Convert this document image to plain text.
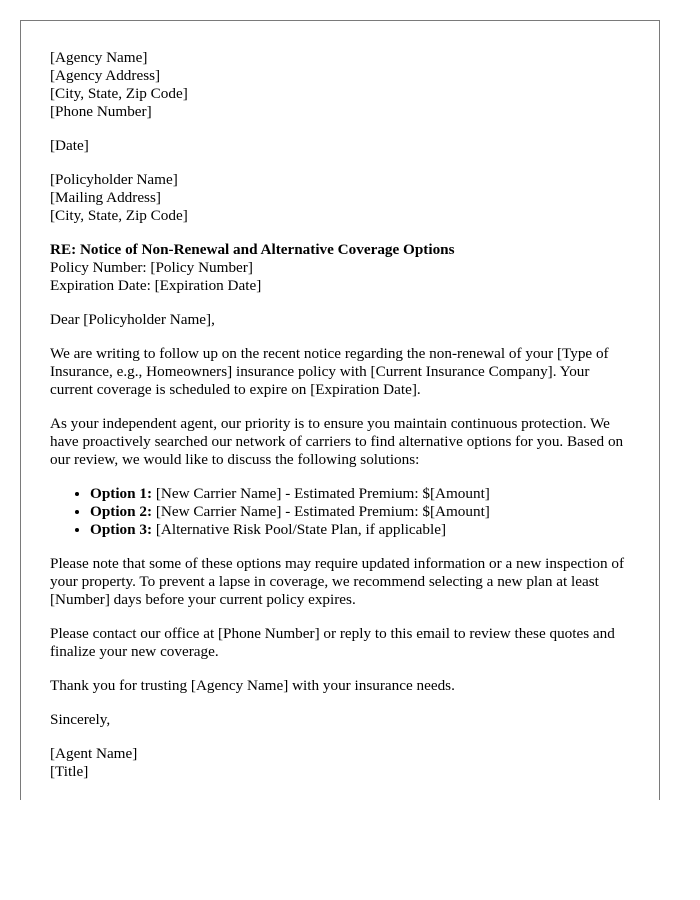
[Agency Name]
[Agency Address]
[City, State, Zip Code]
[Phone Number]
[Date]
[Policyholder Name]
[Mailing Address]
[City, State, Zip Code]
RE: Notice of Non-Renewal and Alternative Coverage Options
Policy Number: [Policy Number]
Expiration Date: [Expiration Date]

Dear [Policyholder Name],

We are writing to follow up on the recent notice regarding the non-renewal of your [Type of Insurance, e.g., Homeowners] insurance policy with [Current Insurance Company]. Your current coverage is scheduled to expire on [Expiration Date].

As your independent agent, our priority is to ensure you maintain continuous protection. We have proactively searched our network of carriers to find alternative options for you. Based on our review, we would like to discuss the following solutions:

• Option 1: [New Carrier Name] - Estimated Premium: $[Amount]
• Option 2: [New Carrier Name] - Estimated Premium: $[Amount]
• Option 3: [Alternative Risk Pool/State Plan, if applicable]

Please note that some of these options may require updated information or a new inspection of your property. To prevent a lapse in coverage, we recommend selecting a new plan at least [Number] days before your current policy expires.

Please contact our office at [Phone Number] or reply to this email to review these quotes and finalize your new coverage.

Thank you for trusting [Agency Name] with your insurance needs.

Sincerely,

[Agent Name]
[Title]
